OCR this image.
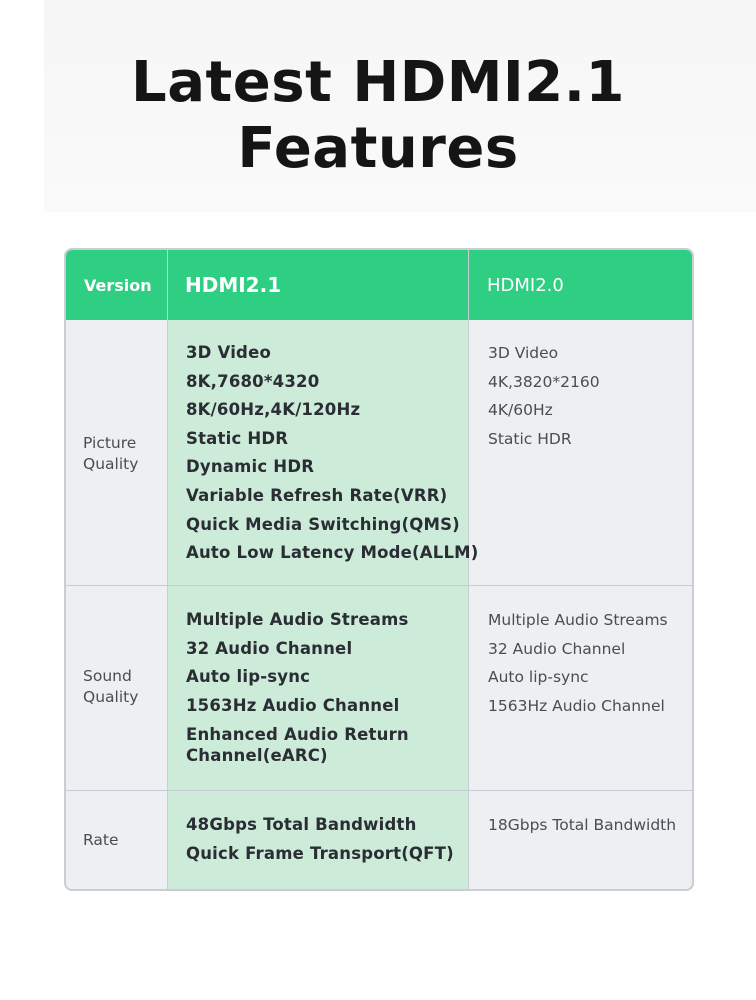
Latest HDMI2.1
Features
Version HDMI2.1	HDMI2.0
Picture
Quality
3D Video
8K,7680*4320
8K/60Hz,4K/120Hz
Static HDR
Dynamic HDR
Variable Refresh Rate(VRR)
Quick Media Switching(QMS)
Auto Low Latency Mode(ALLM)
3D Video
4K,3820*2160
4K/60Hz
Static HDR
Sound
Quality
Multiple Audio Streams
32 Audio Channel
Auto lip-sync
1563Hz Audio Channel
Enhanced Audio Return Channel(eARC)
Multiple Audio Streams
32 Audio Channel
Auto lip-sync
1563Hz Audio Channel
Rate
48Gbps Total Bandwidth
Quick Frame Transport(QFT)
18Gbps Total Bandwidth
